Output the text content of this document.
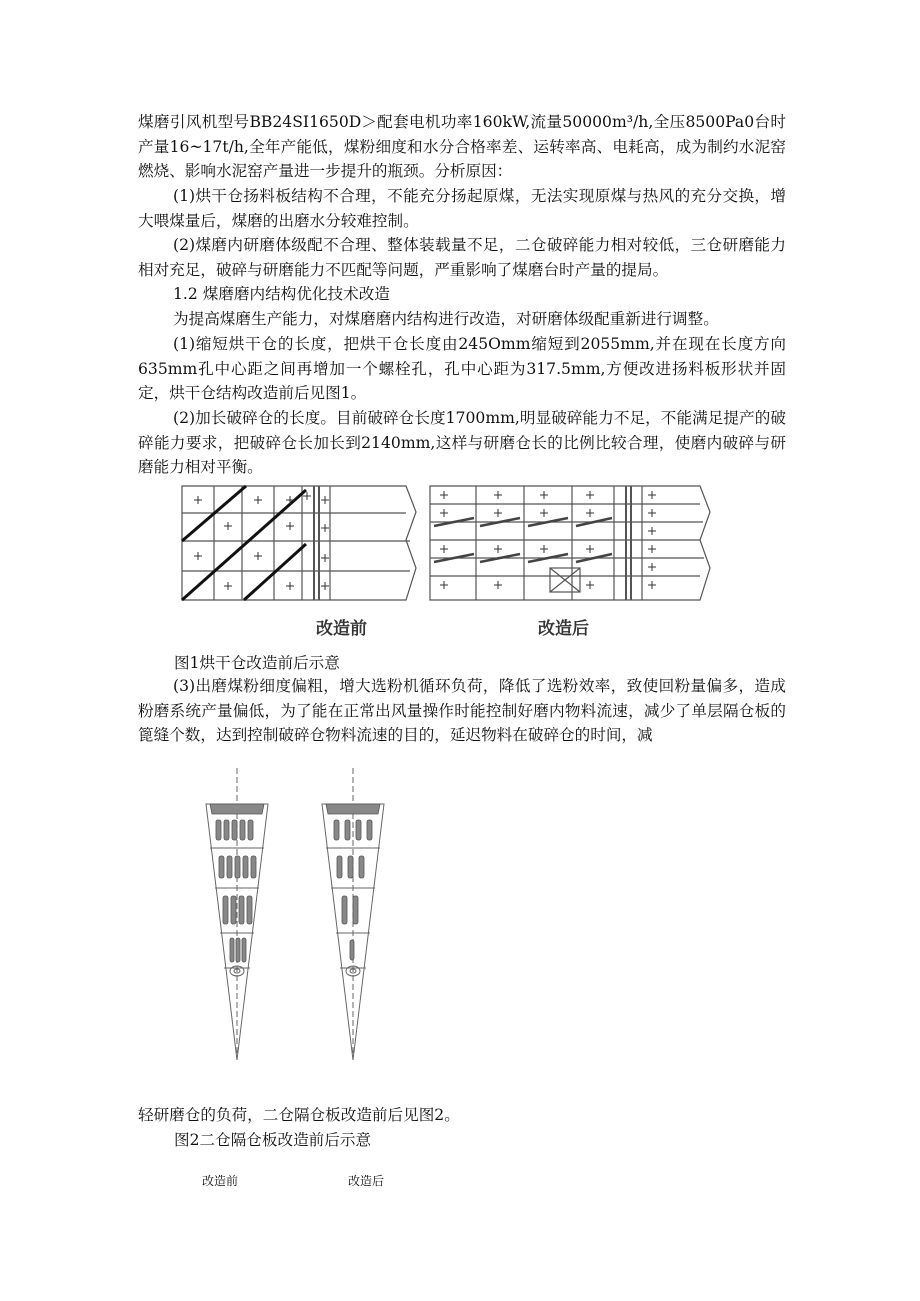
煤磨引风机型号BB24SI1650D＞配套电机功率160kW,流量50000m³/h,全压8500Pa0台时产量16~17t/h,全年产能低，煤粉细度和水分合格率差、运转率高、电耗高，成为制约水泥窑燃烧、影响水泥窑产量进一步提升的瓶颈。分析原因：

(1)烘干仓扬料板结构不合理，不能充分扬起原煤，无法实现原煤与热风的充分交换，增大喂煤量后，煤磨的出磨水分较难控制。

(2)煤磨内研磨体级配不合理、整体装载量不足，二仓破碎能力相对较低，三仓研磨能力相对充足，破碎与研磨能力不匹配等问题，严重影响了煤磨台时产量的提局。

1.2 煤磨磨内结构优化技术改造

为提高煤磨生产能力，对煤磨磨内结构进行改造，对研磨体级配重新进行调整。

(1)缩短烘干仓的长度，把烘干仓长度由245Omm缩短到2055mm,并在现在长度方向635mm孔中心距之间再增加一个螺栓孔，孔中心距为317.5mm,方便改进扬料板形状并固定，烘干仓结构改造前后见图1。

(2)加长破碎仓的长度。目前破碎仓长度1700mm,明显破碎能力不足，不能满足提产的破碎能力要求，把破碎仓长加长到2140mm,这样与研磨仓长的比例比较合理，使磨内破碎与研磨能力相对平衡。

改造前	改造后

图1烘干仓改造前后示意

(3)出磨煤粉细度偏粗，增大选粉机循环负荷，降低了选粉效率，致使回粉量偏多，造成粉磨系统产量偏低，为了能在正常出风量操作时能控制好磨内物料流速，减少了单层隔仓板的篦缝个数，达到控制破碎仓物料流速的目的，延迟物料在破碎仓的时间，减

轻研磨仓的负荷，二仓隔仓板改造前后见图2。

图2二仓隔仓板改造前后示意

改造前	改造后
